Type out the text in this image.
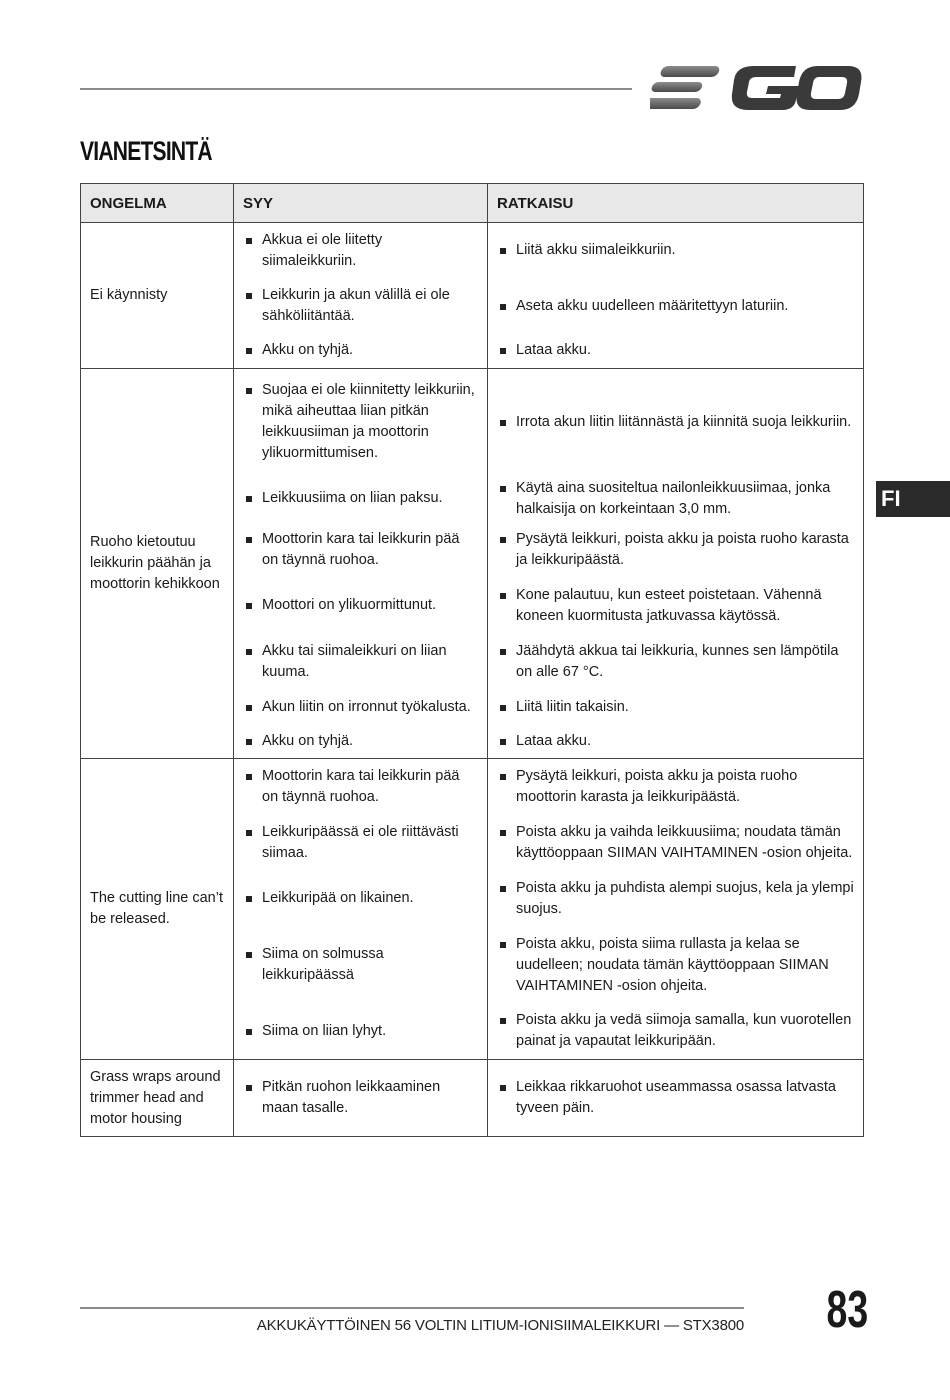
VIANETSINTÄ
FI
ONGELMA	SYY	RATKAISU
Ei käynnisty	Akkua ei ole liitetty siimaleikkuriin.	Liitä akku siimaleikkuriin.

	Leikkurin ja akun välillä ei ole sähköliitäntää.	Aseta akku uudelleen määritettyyn laturiin.

	Akku on tyhjä.	Lataa akku.

Ruoho kietoutuu leikkurin päähän ja moottorin kehikkoon	Suojaa ei ole kiinnitetty leikkuriin, mikä aiheuttaa liian pitkän leikkuusiiman ja moottorin ylikuormittumisen.	Irrota akun liitin liitännästä ja kiinnitä suoja leikkuriin.

	Leikkuusiima on liian paksu.	Käytä aina suositeltua nailonleikkuusiimaa, jonka halkaisija on korkeintaan 3,0 mm.

	Moottorin kara tai leikkurin pää on täynnä ruohoa.	Pysäytä leikkuri, poista akku ja poista ruoho karasta ja leikkuripäästä.

	Moottori on ylikuormittunut.	Kone palautuu, kun esteet poistetaan. Vähennä koneen kuormitusta jatkuvassa käytössä.

	Akku tai siimaleikkuri on liian kuuma.	Jäähdytä akkua tai leikkuria, kunnes sen lämpötila on alle 67 °C.

	Akun liitin on irronnut työkalusta.	Liitä liitin takaisin.

	Akku on tyhjä.	Lataa akku.

The cutting line can’t be released.	Moottorin kara tai leikkurin pää on täynnä ruohoa.	Pysäytä leikkuri, poista akku ja poista ruoho moottorin karasta ja leikkuripäästä.

	Leikkuripäässä ei ole riittävästi siimaa.	Poista akku ja vaihda leikkuusiima; noudata tämän käyttöoppaan SIIMAN VAIHTAMINEN -osion ohjeita.

	Leikkuripää on likainen.	Poista akku ja puhdista alempi suojus, kela ja ylempi suojus.

	Siima on solmussa leikkuripäässä	Poista akku, poista siima rullasta ja kelaa se uudelleen; noudata tämän käyttöoppaan SIIMAN VAIHTAMINEN -osion ohjeita.

	Siima on liian lyhyt.	Poista akku ja vedä siimoja samalla, kun vuorotellen painat ja vapautat leikkuripään.

Grass wraps around trimmer head and motor housing	Pitkän ruohon leikkaaminen maan tasalle.	Leikkaa rikkaruohot useammassa osassa latvasta tyveen päin.
AKKUKÄYTTÖINEN 56 VOLTIN LITIUM-IONISIIMALEIKKURI — STX3800 83
